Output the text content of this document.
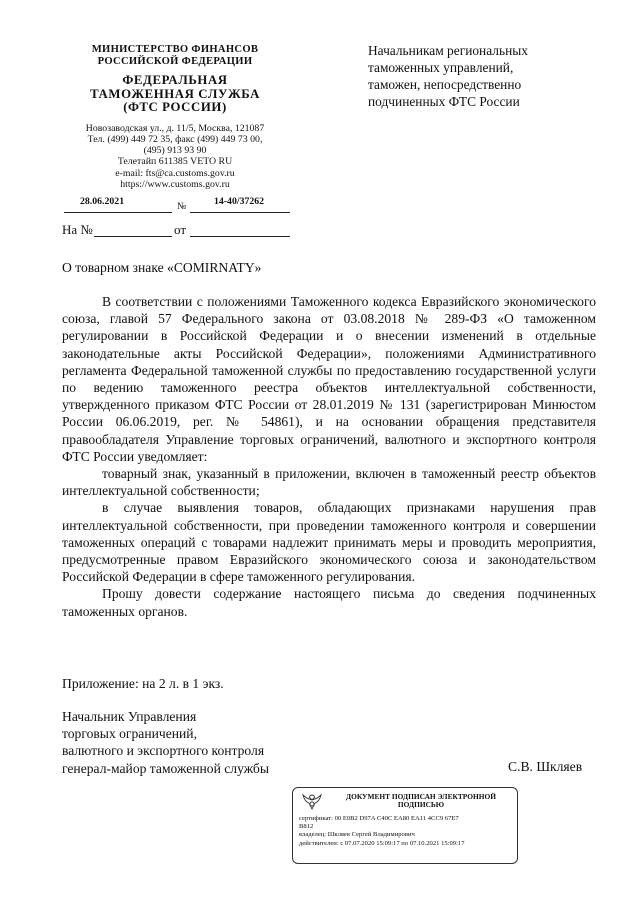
МИНИСТЕРСТВО ФИНАНСОВ
РОССИЙСКОЙ ФЕДЕРАЦИИ
ФЕДЕРАЛЬНАЯ
ТАМОЖЕННАЯ СЛУЖБА
(ФТС РОССИИ)
Новозаводская ул., д. 11/5, Москва, 121087
Тел. (499) 449 72 35, факс (499) 449 73 00,
(495) 913 93 90
Телетайп 611385 VETO RU
e-mail: fts@ca.customs.gov.ru
https://www.customs.gov.ru
28.06.2021	№	14-40/37262
На №	от
Начальникам региональных
таможенных управлений,
таможен, непосредственно
подчиненных ФТС России
О товарном знаке «COMIRNATY»

В соответствии с положениями Таможенного кодекса Евразийского экономического союза, главой 57 Федерального закона от 03.08.2018 № 289-ФЗ «О таможенном регулировании в Российской Федерации и о внесении изменений в отдельные законодательные акты Российской Федерации», положениями Административного регламента Федеральной таможенной службы по предоставлению государственной услуги по ведению таможенного реестра объектов интеллектуальной собственности, утвержденного приказом ФТС России от 28.01.2019 № 131 (зарегистрирован Минюстом России 06.06.2019, рег. № 54861), и на основании обращения представителя правообладателя Управление торговых ограничений, валютного и экспортного контроля ФТС России уведомляет:

товарный знак, указанный в приложении, включен в таможенный реестр объектов интеллектуальной собственности;

в случае выявления товаров, обладающих признаками нарушения прав интеллектуальной собственности, при проведении таможенного контроля и совершении таможенных операций с товарами надлежит принимать меры и проводить мероприятия, предусмотренные правом Евразийского экономического союза и законодательством Российской Федерации в сфере таможенного регулирования.

Прошу довести содержание настоящего письма до сведения подчиненных таможенных органов.

Приложение: на 2 л. в 1 экз.
Начальник Управления
торговых ограничений,
валютного и экспортного контроля
генерал-майор таможенной службы	С.В. Шкляев
ДОКУМЕНТ ПОДПИСАН ЭЛЕКТРОННОЙ
ПОДПИСЬЮ
сертификат: 00 E0B2 D97A C40C EA80 EA11 4CC9 67E7
B812
владелец: Шкляев Сергей Владимирович
действителен: с 07.07.2020 15:09:17 по 07.10.2021 15:09:17
